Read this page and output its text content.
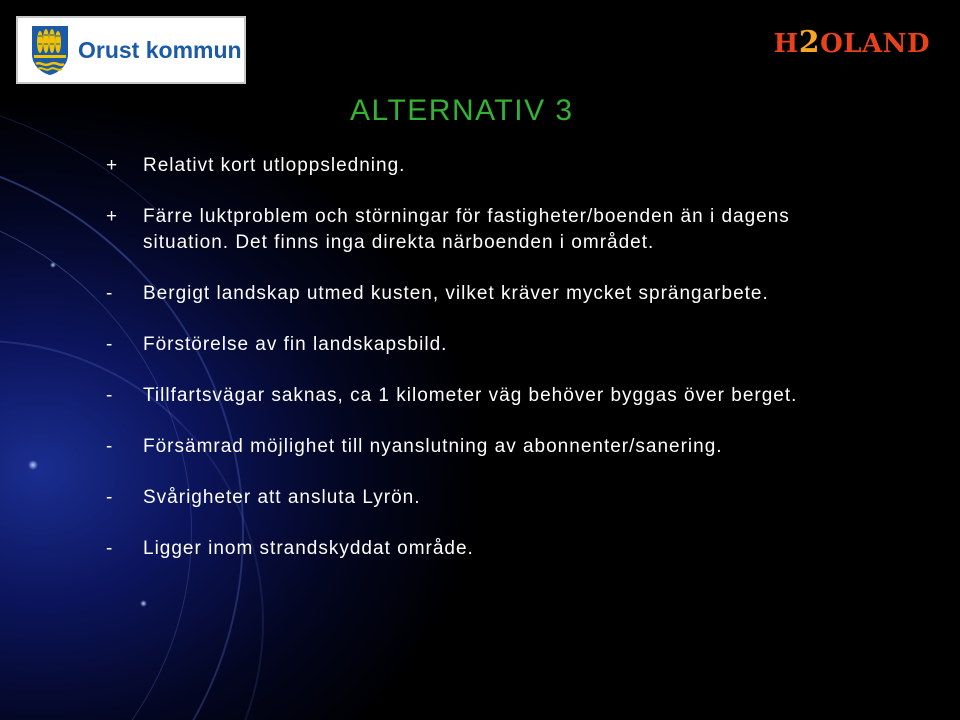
Orust kommun	H2OLAND
ALTERNATIV 3
+	Relativt kort utloppsledning.
+	Färre luktproblem och störningar för fastigheter/boenden än i dagens situation. Det finns inga direkta närboenden i området.
-	Bergigt landskap utmed kusten, vilket kräver mycket sprängarbete.
-	Förstörelse av fin landskapsbild.
-	Tillfartsvägar saknas, ca 1 kilometer väg behöver byggas över berget.
-	Försämrad möjlighet till nyanslutning av abonnenter/sanering.
-	Svårigheter att ansluta Lyrön.
-	Ligger inom strandskyddat område.
